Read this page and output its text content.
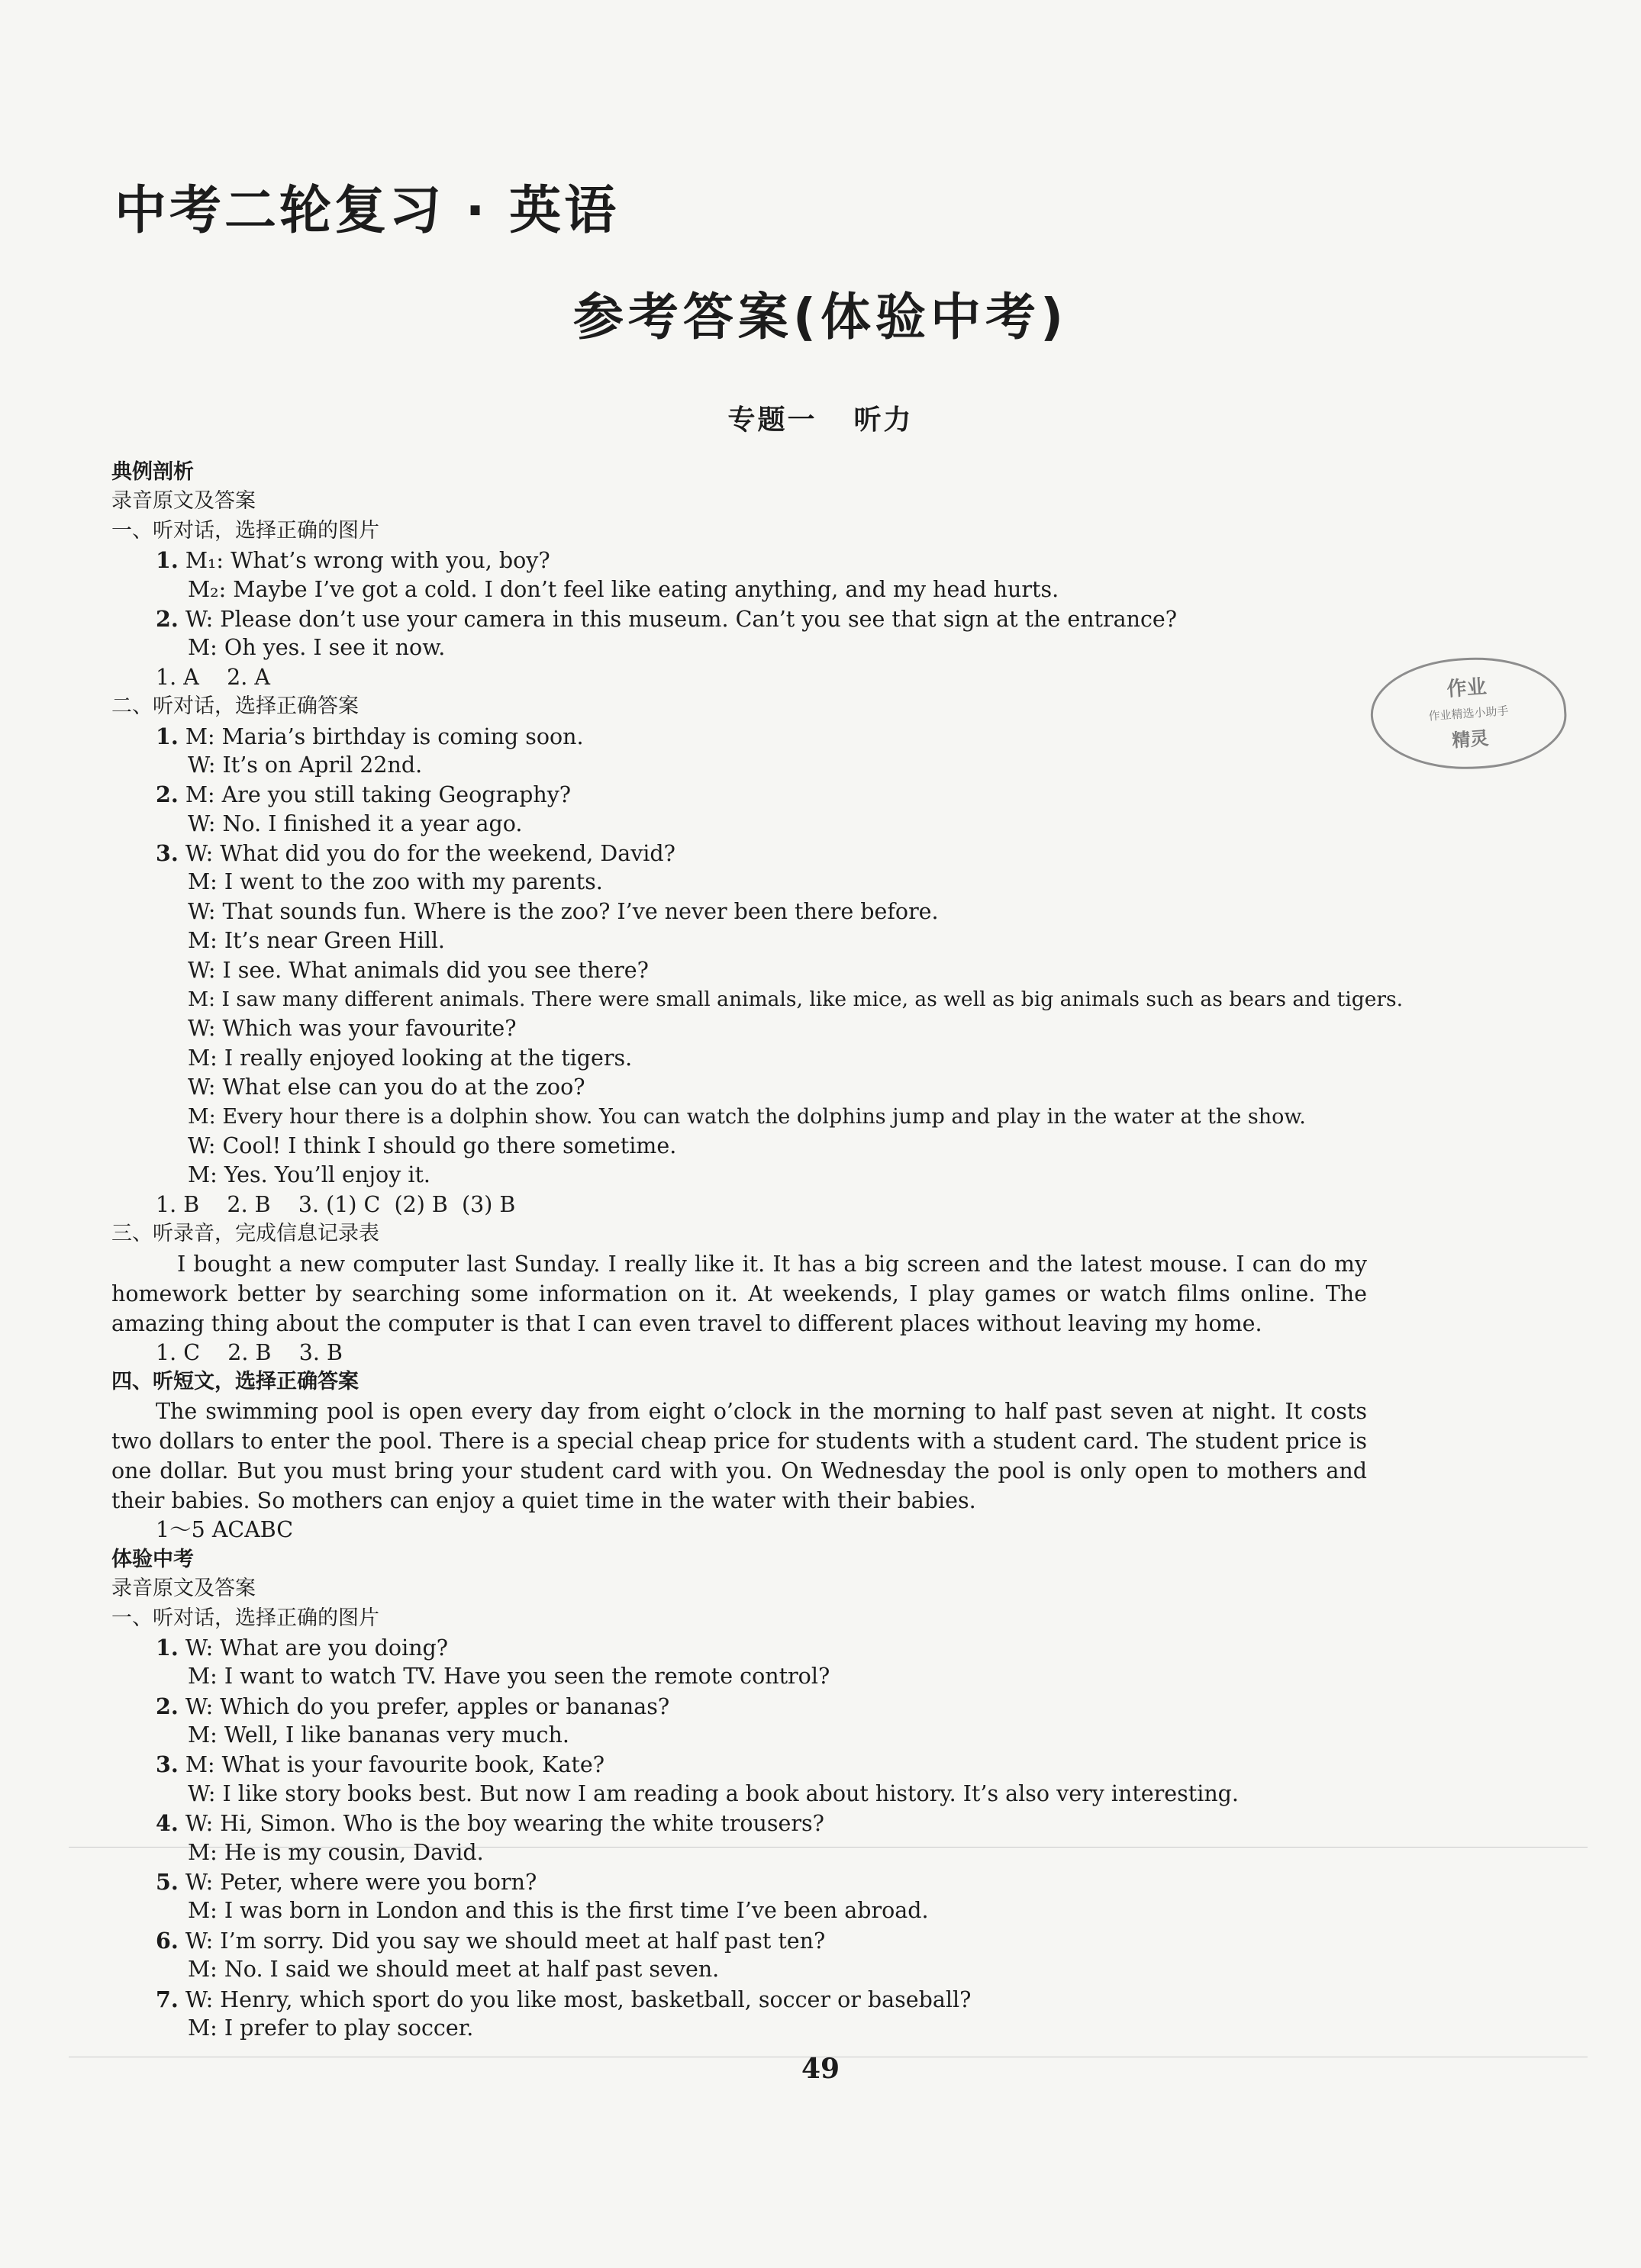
中考二轮复习 · 英语
参考答案(体验中考)
专题一 听力
作业
作业精选小助手
精灵
典例剖析
录音原文及答案
一、听对话，选择正确的图片
1. M₁: What’s wrong with you, boy?
M₂: Maybe I’ve got a cold. I don’t feel like eating anything, and my head hurts.
2. W: Please don’t use your camera in this museum. Can’t you see that sign at the entrance?
M: Oh yes. I see it now.
1. A    2. A
二、听对话，选择正确答案
1. M: Maria’s birthday is coming soon.
W: It’s on April 22nd.
2. M: Are you still taking Geography?
W: No. I finished it a year ago.
3. W: What did you do for the weekend, David?
M: I went to the zoo with my parents.
W: That sounds fun. Where is the zoo? I’ve never been there before.
M: It’s near Green Hill.
W: I see. What animals did you see there?
M: I saw many different animals. There were small animals, like mice, as well as big animals such as bears and tigers.
W: Which was your favourite?
M: I really enjoyed looking at the tigers.
W: What else can you do at the zoo?
M: Every hour there is a dolphin show. You can watch the dolphins jump and play in the water at the show.
W: Cool! I think I should go there sometime.
M: Yes. You’ll enjoy it.
1. B    2. B    3. (1) C  (2) B  (3) B
三、听录音，完成信息记录表
I bought a new computer last Sunday. I really like it. It has a big screen and the latest mouse. I can do my homework better by searching some information on it. At weekends, I play games or watch films online. The amazing thing about the computer is that I can even travel to different places without leaving my home.
1. C    2. B    3. B
四、听短文，选择正确答案
The swimming pool is open every day from eight o’clock in the morning to half past seven at night. It costs two dollars to enter the pool. There is a special cheap price for students with a student card. The student price is one dollar. But you must bring your student card with you. On Wednesday the pool is only open to mothers and their babies. So mothers can enjoy a quiet time in the water with their babies.
1～5 ACABC
体验中考
录音原文及答案
一、听对话，选择正确的图片
1. W: What are you doing?
M: I want to watch TV. Have you seen the remote control?
2. W: Which do you prefer, apples or bananas?
M: Well, I like bananas very much.
3. M: What is your favourite book, Kate?
W: I like story books best. But now I am reading a book about history. It’s also very interesting.
4. W: Hi, Simon. Who is the boy wearing the white trousers?
M: He is my cousin, David.
5. W: Peter, where were you born?
M: I was born in London and this is the first time I’ve been abroad.
6. W: I’m sorry. Did you say we should meet at half past ten?
M: No. I said we should meet at half past seven.
7. W: Henry, which sport do you like most, basketball, soccer or baseball?
M: I prefer to play soccer.
49
